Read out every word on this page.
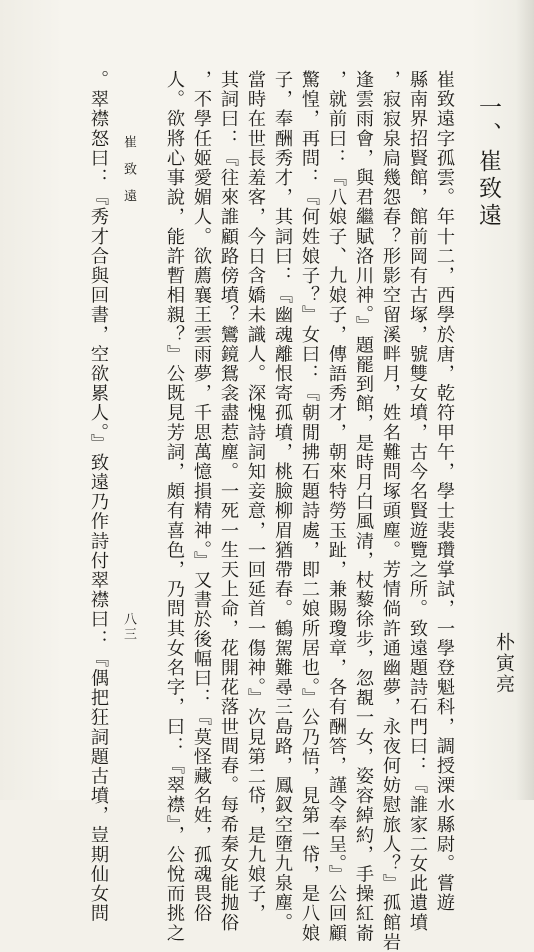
一、崔致遠
朴寅亮
崔致遠字孤雲。年十二，西學於唐，乾符甲午，學士裴瓚掌試，一學登魁科，調授溧水縣尉。嘗遊
縣南界招賢館，館前岡有古塚，號雙女墳，古今名賢遊覽之所。致遠題詩石門曰：『誰家二女此遺墳
，寂寂泉扃幾怨春？形影空留溪畔月，姓名難問塚頭塵。芳情倘許通幽夢，永夜何妨慰旅人？』孤館岩
逢雲雨會，與君繼賦洛川神。』題罷到館，是時月白風清，杖藜徐步，忽覩一女，姿容綽約，手操紅嵛
，就前曰：『八娘子、九娘子，傳語秀才，朝來特勞玉趾，兼賜瓊章，各有酬答，謹令奉呈。』公回顧
驚惶，再問：『何姓娘子？』女曰：『朝閒拂石題詩處，即二娘所居也。』公乃悟，見第一帒，是八娘
子，奉酬秀才，其詞曰：『幽魂離恨寄孤墳，桃臉柳眉猶帶春。鶴駕難尋三島路，鳳釵空墮九泉塵。
當時在世長羞客，今日含嬌未識人。深愧詩詞知妾意，一回延首一傷神。』次見第二帒，是九娘子，
其詞曰：『往來誰顧路傍墳？鸞鏡鴛衾盡惹塵。一死一生天上命，花開花落世間春。每希秦女能抛俗
，不學任姬愛媚人。欲薦襄王雲雨夢，千思萬憶損精神。』又書於後幅曰：『莫怪藏名姓，孤魂畏俗
人。欲將心事說，能許暫相親？』公既見芳詞，頗有喜色，乃問其女名字，曰：『翠襟』，公悅而挑之
。翠襟怒曰：『秀才合與回書，空欲累人。』致遠乃作詩付翠襟曰：『偶把狂詞題古墳，豈期仙女問 崔致遠
八三
